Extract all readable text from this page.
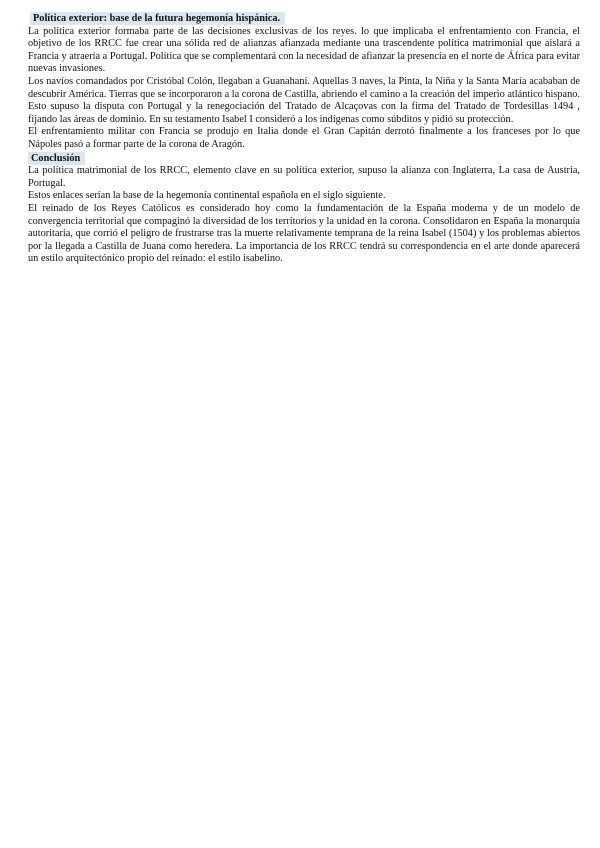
Política exterior: base de la futura hegemonía hispánica.

La política exterior formaba parte de las decisiones exclusivas de los reyes. lo que implicaba el enfrentamiento con Francia, el objetivo de los RRCC fue crear una sólida red de alianzas afianzada mediante una trascendente política matrimonial que aislará a Francia y atraería a Portugal. Política que se complementará con la necesidad de afianzar la presencia en el norte de África para evitar nuevas invasiones.

Los navíos comandados por Cristóbal Colón, llegaban a Guanahaní. Aquellas 3 naves, la Pinta, la Niña y la Santa María acababan de descubrir América. Tierras que se incorporaron a la corona de Castilla, abriendo el camino a la creación del imperio atlántico hispano. Esto supuso la disputa con Portugal y la renegociación del Tratado de Alcaçovas con la firma del Tratado de Tordesillas 1494 , fijando las áreas de dominio. En su testamento Isabel I consideró a los indígenas como súbditos y pidió su protección.

El enfrentamiento militar con Francia se produjo en Italia donde el Gran Capitán derrotó finalmente a los franceses por lo que Nápoles pasó a formar parte de la corona de Aragón.

Conclusión

La política matrimonial de los RRCC, elemento clave en su política exterior, supuso la alianza con Inglaterra, La casa de Austria, Portugal.

Estos enlaces serían la base de la hegemonía continental española en el siglo siguiente.

El reinado de los Reyes Católicos es considerado hoy como la fundamentación de la España moderna y de un modelo de convergencia territorial que compaginó la diversidad de los territorios y la unidad en la corona. Consolidaron en España la monarquía autoritaria, que corrió el peligro de frustrarse tras la muerte relativamente temprana de la reina Isabel (1504) y los problemas abiertos por la llegada a Castilla de Juana como heredera. La importancia de los RRCC tendrá su correspondencia en el arte donde aparecerá un estilo arquitectónico propio del reinado: el estilo isabelino.
